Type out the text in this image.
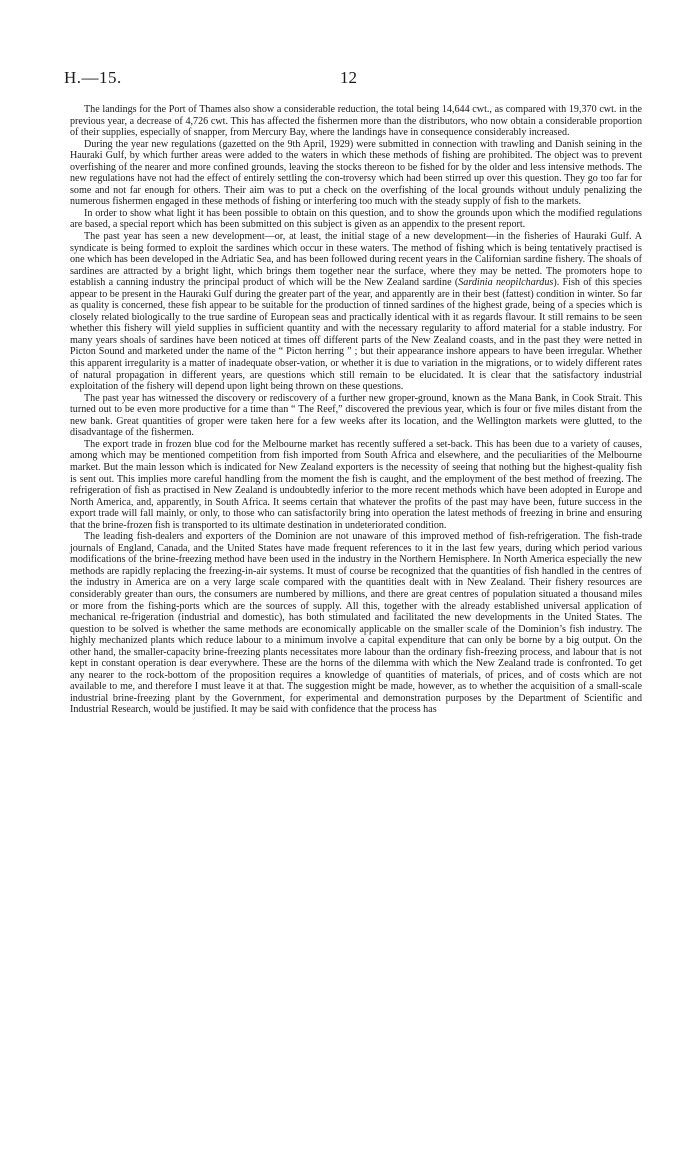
H.—15.	12

The landings for the Port of Thames also show a considerable reduction, the total being 14,644 cwt., as compared with 19,370 cwt. in the previous year, a decrease of 4,726 cwt. This has affected the fishermen more than the distributors, who now obtain a considerable proportion of their supplies, especially of snapper, from Mercury Bay, where the landings have in consequence considerably increased.

During the year new regulations (gazetted on the 9th April, 1929) were submitted in connection with trawling and Danish seining in the Hauraki Gulf, by which further areas were added to the waters in which these methods of fishing are prohibited. The object was to prevent overfishing of the nearer and more confined grounds, leaving the stocks thereon to be fished for by the older and less intensive methods. The new regulations have not had the effect of entirely settling the con-troversy which had been stirred up over this question. They go too far for some and not far enough for others. Their aim was to put a check on the overfishing of the local grounds without unduly penalizing the numerous fishermen engaged in these methods of fishing or interfering too much with the steady supply of fish to the markets.

In order to show what light it has been possible to obtain on this question, and to show the grounds upon which the modified regulations are based, a special report which has been submitted on this subject is given as an appendix to the present report.

The past year has seen a new development—or, at least, the initial stage of a new development—in the fisheries of Hauraki Gulf. A syndicate is being formed to exploit the sardines which occur in these waters. The method of fishing which is being tentatively practised is one which has been developed in the Adriatic Sea, and has been followed during recent years in the Californian sardine fishery. The shoals of sardines are attracted by a bright light, which brings them together near the surface, where they may be netted. The promoters hope to establish a canning industry the principal product of which will be the New Zealand sardine (Sardinia neopilchardus). Fish of this species appear to be present in the Hauraki Gulf during the greater part of the year, and apparently are in their best (fattest) condition in winter. So far as quality is concerned, these fish appear to be suitable for the production of tinned sardines of the highest grade, being of a species which is closely related biologically to the true sardine of European seas and practically identical with it as regards flavour. It still remains to be seen whether this fishery will yield supplies in sufficient quantity and with the necessary regularity to afford material for a stable industry. For many years shoals of sardines have been noticed at times off different parts of the New Zealand coasts, and in the past they were netted in Picton Sound and marketed under the name of the “ Picton herring ” ; but their appearance inshore appears to have been irregular. Whether this apparent irregularity is a matter of inadequate obser-vation, or whether it is due to variation in the migrations, or to widely different rates of natural propagation in different years, are questions which still remain to be elucidated. It is clear that the satisfactory industrial exploitation of the fishery will depend upon light being thrown on these questions.

The past year has witnessed the discovery or rediscovery of a further new groper-ground, known as the Mana Bank, in Cook Strait. This turned out to be even more productive for a time than “ The Reef,” discovered the previous year, which is four or five miles distant from the new bank. Great quantities of groper were taken here for a few weeks after its location, and the Wellington markets were glutted, to the disadvantage of the fishermen.

The export trade in frozen blue cod for the Melbourne market has recently suffered a set-back. This has been due to a variety of causes, among which may be mentioned competition from fish imported from South Africa and elsewhere, and the peculiarities of the Melbourne market. But the main lesson which is indicated for New Zealand exporters is the necessity of seeing that nothing but the highest-quality fish is sent out. This implies more careful handling from the moment the fish is caught, and the employment of the best method of freezing. The refrigeration of fish as practised in New Zealand is undoubtedly inferior to the more recent methods which have been adopted in Europe and North America, and, apparently, in South Africa. It seems certain that whatever the profits of the past may have been, future success in the export trade will fall mainly, or only, to those who can satisfactorily bring into operation the latest methods of freezing in brine and ensuring that the brine-frozen fish is transported to its ultimate destination in undeteriorated condition.

The leading fish-dealers and exporters of the Dominion are not unaware of this improved method of fish-refrigeration. The fish-trade journals of England, Canada, and the United States have made frequent references to it in the last few years, during which period various modifications of the brine-freezing method have been used in the industry in the Northern Hemisphere. In North America especially the new methods are rapidly replacing the freezing-in-air systems. It must of course be recognized that the quantities of fish handled in the centres of the industry in America are on a very large scale compared with the quantities dealt with in New Zealand. Their fishery resources are considerably greater than ours, the consumers are numbered by millions, and there are great centres of population situated a thousand miles or more from the fishing-ports which are the sources of supply. All this, together with the already established universal application of mechanical re-frigeration (industrial and domestic), has both stimulated and facilitated the new developments in the United States. The question to be solved is whether the same methods are economically applicable on the smaller scale of the Dominion’s fish industry. The highly mechanized plants which reduce labour to a minimum involve a capital expenditure that can only be borne by a big output. On the other hand, the smaller-capacity brine-freezing plants necessitates more labour than the ordinary fish-freezing process, and labour that is not kept in constant operation is dear everywhere. These are the horns of the dilemma with which the New Zealand trade is confronted. To get any nearer to the rock-bottom of the proposition requires a knowledge of quantities of materials, of prices, and of costs which are not available to me, and therefore I must leave it at that. The suggestion might be made, however, as to whether the acquisition of a small-scale industrial brine-freezing plant by the Government, for experimental and demonstration purposes by the Department of Scientific and Industrial Research, would be justified. It may be said with confidence that the process has
